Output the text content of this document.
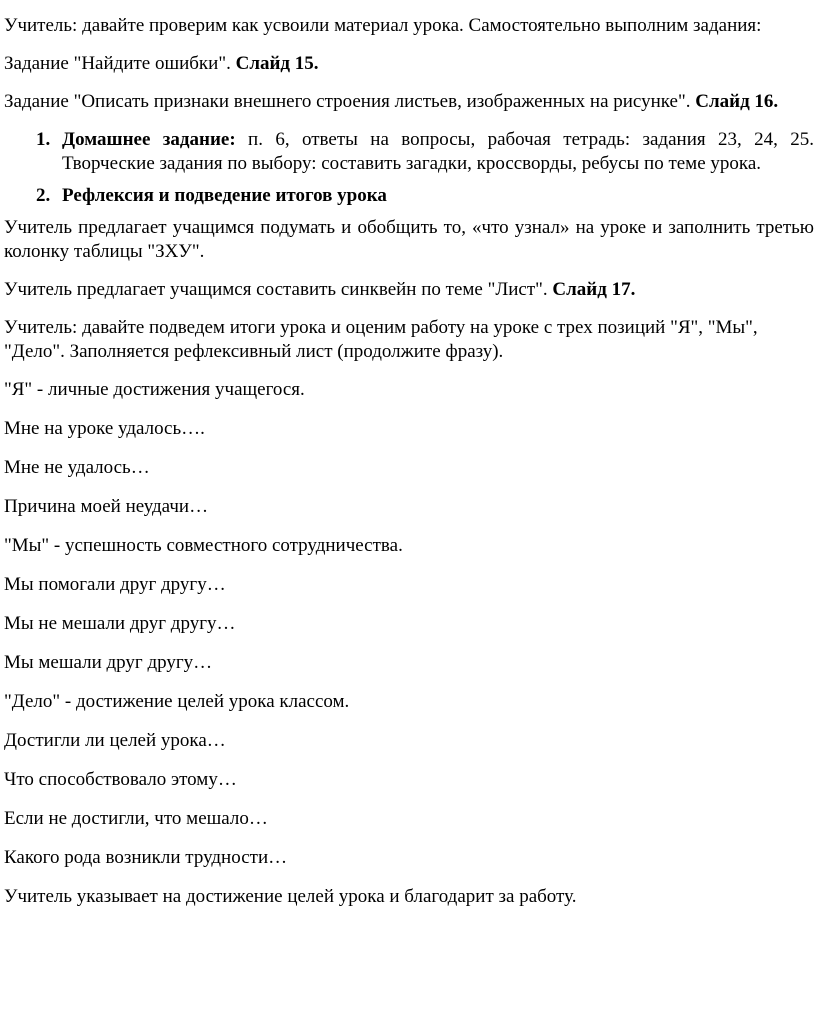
Учитель: давайте проверим как усвоили материал урока. Самостоятельно выполним задания:

Задание "Найдите ошибки". Слайд 15.

Задание "Описать признаки внешнего строения листьев, изображенных на рисунке". Слайд 16.

1. Домашнее задание: п. 6, ответы на вопросы, рабочая тетрадь: задания 23, 24, 25. Творческие задания по выбору: составить загадки, кроссворды, ребусы по теме урока.
2. Рефлексия и подведение итогов урока

Учитель предлагает учащимся подумать и обобщить то, «что узнал» на уроке и заполнить третью колонку таблицы "ЗХУ".

Учитель предлагает учащимся составить синквейн по теме "Лист". Слайд 17.

Учитель: давайте подведем итоги урока и оценим работу на уроке с трех позиций "Я", "Мы", "Дело". Заполняется рефлексивный лист (продолжите фразу).

"Я" - личные достижения учащегося.

Мне на уроке удалось….

Мне не удалось…

Причина моей неудачи…

"Мы" - успешность совместного сотрудничества.

Мы помогали друг другу…

Мы не мешали друг другу…

Мы мешали друг другу…

"Дело" - достижение целей урока классом.

Достигли ли целей урока…

Что способствовало этому…

Если не достигли, что мешало…

Какого рода возникли трудности…

Учитель указывает на достижение целей урока и благодарит за работу.
